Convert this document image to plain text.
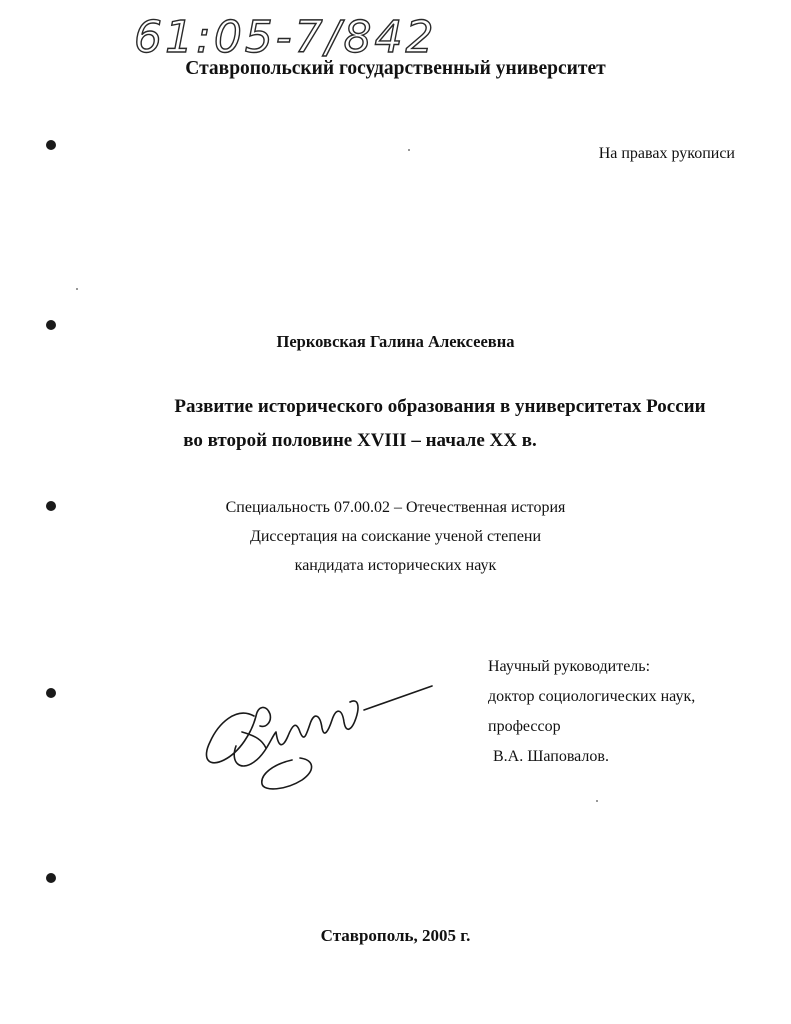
61:05-7/842
Ставропольский государственный университет
На правах рукописи
Перковская Галина Алексеевна
Развитие исторического образования в университетах России
во второй половине XVIII – начале XX в.
Специальность 07.00.02 – Отечественная история
Диссертация на соискание ученой степени
кандидата исторических наук
Научный руководитель:
доктор социологических наук,
профессор
В.А. Шаповалов.
Ставрополь, 2005 г.
